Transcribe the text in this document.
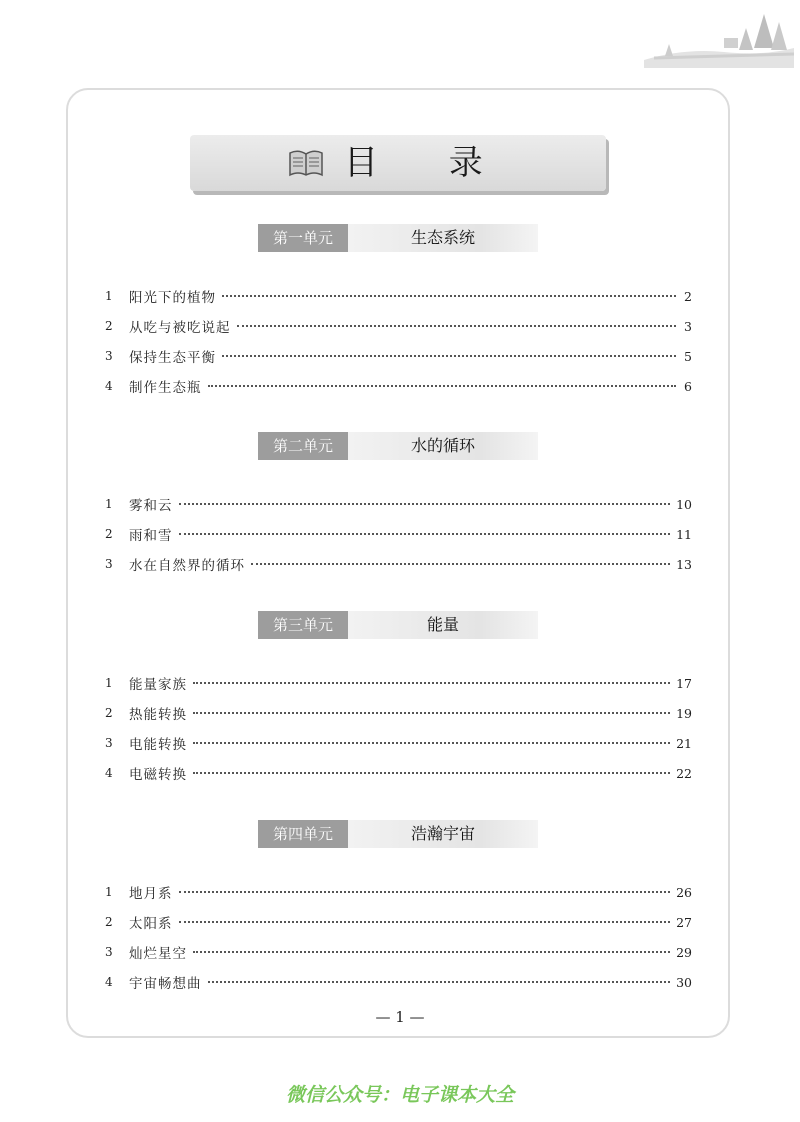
目 录
第一单元	生态系统
1	阳光下的植物	2
2	从吃与被吃说起	3
3	保持生态平衡	5
4	制作生态瓶	6
第二单元	水的循环
1	雾和云	10
2	雨和雪	11
3	水在自然界的循环	13
第三单元	能量
1	能量家族	17
2	热能转换	19
3	电能转换	21
4	电磁转换	22
第四单元	浩瀚宇宙
1	地月系	26
2	太阳系	27
3	灿烂星空	29
4	宇宙畅想曲	30
— 1 —
微信公众号：电子课本大全
